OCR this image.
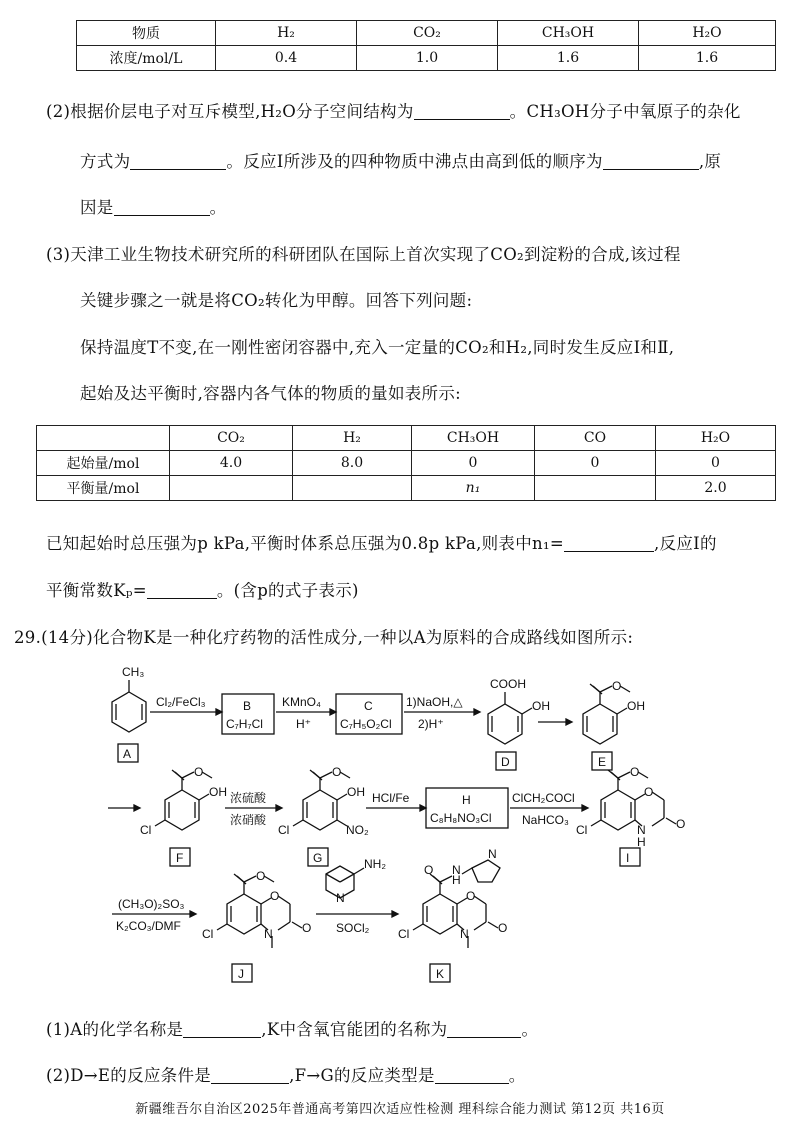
物质	H₂	CO₂	CH₃OH	H₂O
浓度/mol/L	0.4	1.0	1.6	1.6
(2)根据价层电子对互斥模型,H₂O分子空间结构为	。CH₃OH分子中氧原子的杂化
方式为	。反应Ⅰ所涉及的四种物质中沸点由高到低的顺序为	,原
因是	。
(3)天津工业生物技术研究所的科研团队在国际上首次实现了CO₂到淀粉的合成,该过程
关键步骤之一就是将CO₂转化为甲醇。回答下列问题:
保持温度T不变,在一刚性密闭容器中,充入一定量的CO₂和H₂,同时发生反应Ⅰ和Ⅱ,
起始及达平衡时,容器内各气体的物质的量如表所示:
	CO₂	H₂	CH₃OH	CO	H₂O
起始量/mol	4.0	8.0	0	0	0
平衡量/mol			n₁		2.0
已知起始时总压强为p kPa,平衡时体系总压强为0.8p kPa,则表中n₁=	,反应Ⅰ的
平衡常数Kₚ=	。(含p的式子表示)
29.(14分)化合物K是一种化疗药物的活性成分,一种以A为原料的合成路线如图所示:
CH₃
A
Cl₂/FeCl₃	B
C₇H₇Cl
KMnO₄
H⁺
C
C₇H₅O₂Cl
1)NaOH,△
2)H⁺
COOH
OH
D
O
OH
E
O
OH
Cl
F
浓硫酸
浓硝酸
O
OH
NO₂
Cl
G
HCl/Fe	H
C₈H₈NO₃Cl
ClCH₂COCl
NaHCO₃
O
O
O
N
H
Cl
I
(CH₃O)₂SO₃
K₂CO₃/DMF
O
O
O
N
Cl
J
N
NH₂
SOCl₂
O N
H
N
O
O
N
Cl
K
(1)A的化学名称是	,K中含氧官能团的名称为	。
(2)D→E的反应条件是	,F→G的反应类型是	。
新疆维吾尔自治区2025年普通高考第四次适应性检测 理科综合能力测试 第12页 共16页
